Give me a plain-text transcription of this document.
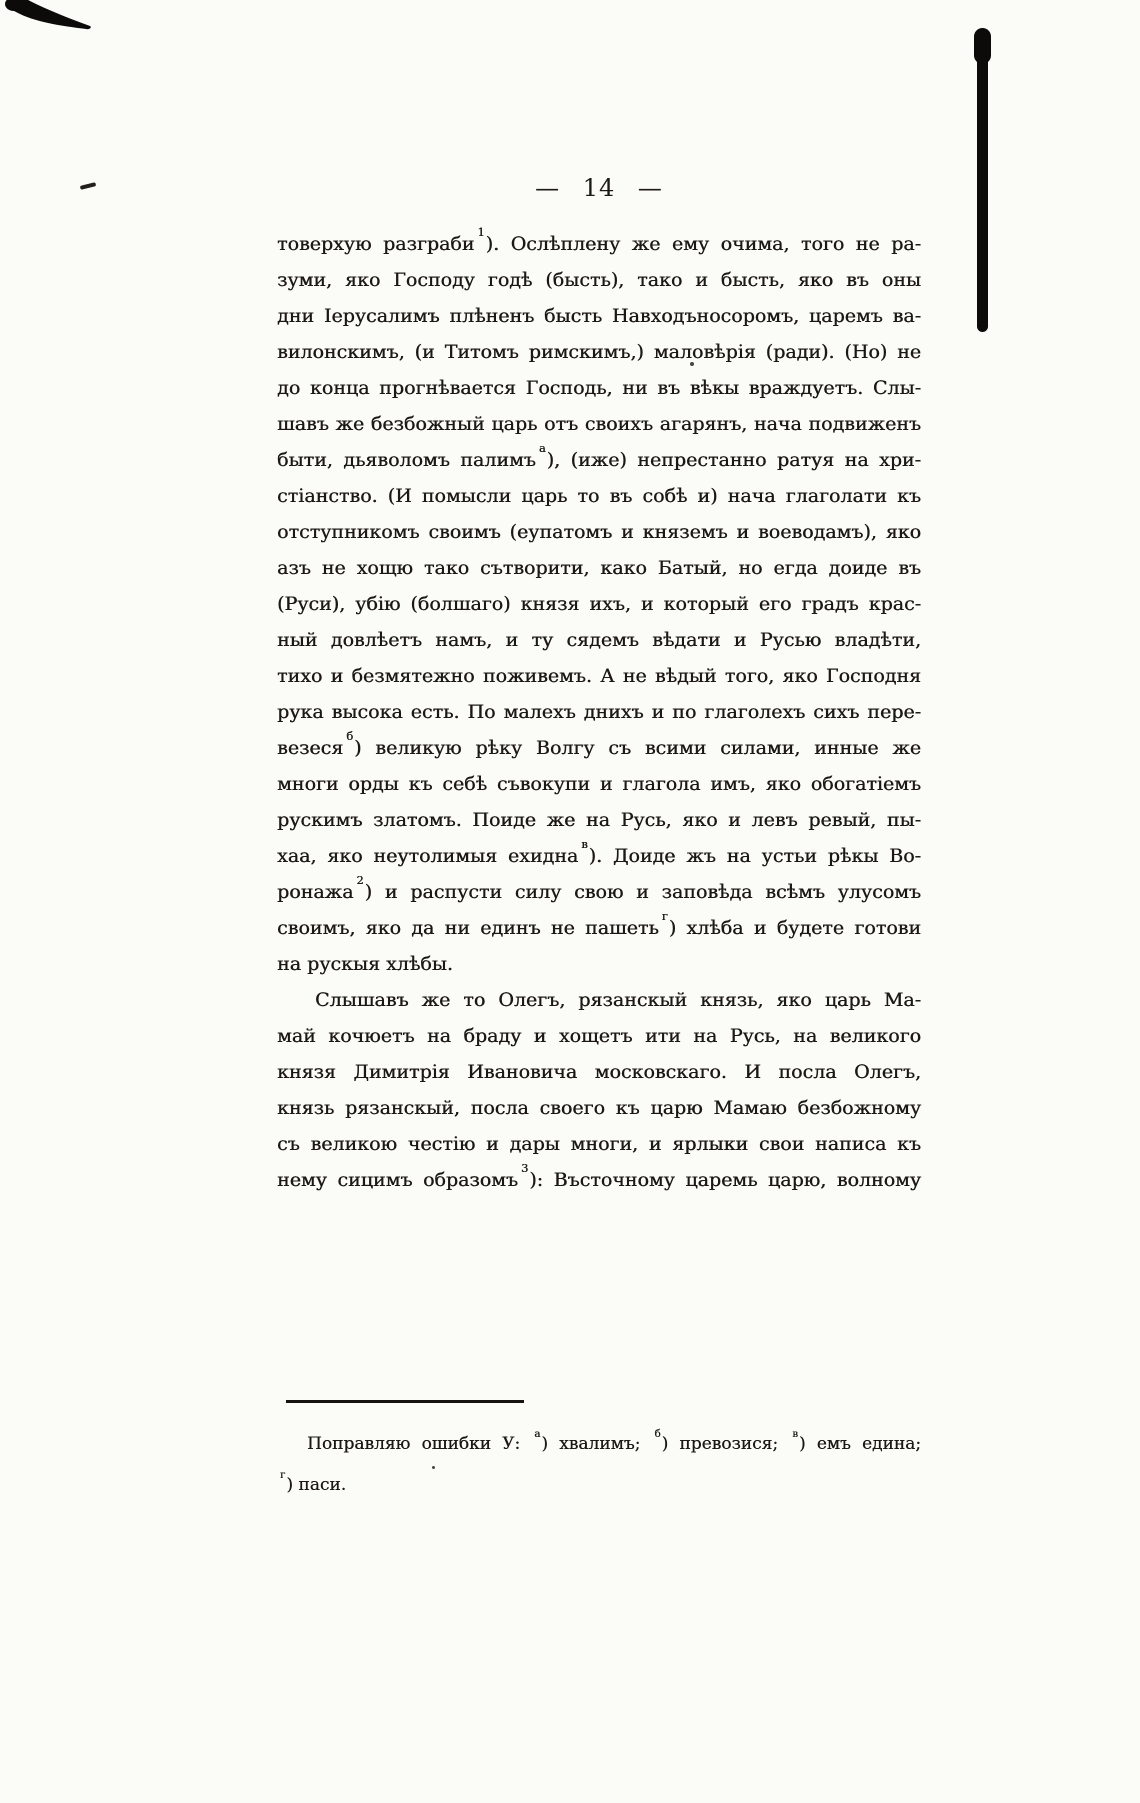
— 14 —
товерхую разграби$^1$). Ослѣплену же ему очима, того не ра-
зуми, яко Господу годѣ (бысть), тако и бысть, яко въ оны
дни Іерусалимъ плѣненъ бысть Навходъносоромъ, царемъ ва-
вилонскимъ, (и Титомъ римскимъ,) маловѣрія (ради). (Но) не
до конца прогнѣвается Господь, ни въ вѣкы враждуетъ. Слы-
шавъ же безбожный царь отъ своихъ агарянъ, нача подвиженъ
быти, дьяволомъ палимъ$^а$), (иже) непрестанно ратуя на хри-
стіанство. (И помысли царь то въ собѣ и) нача глаголати къ
отступникомъ своимъ (еупатомъ и княземъ и воеводамъ), яко
азъ не хощю тако сътворити, како Батый, но егда доиде въ
(Руси), убію (болшаго) князя ихъ, и который его градъ крас-
ный довлѣетъ намъ, и ту сядемъ вѣдати и Русью владѣти,
тихо и безмятежно поживемъ. А не вѣдый того, яко Господня
рука высока есть. По малехъ днихъ и по глаголехъ сихъ пере-
везеся$^б$) великую рѣку Волгу съ всими силами, инные же
многи орды къ себѣ съвокупи и глагола имъ, яко обогатіемъ
рускимъ златомъ. Поиде же на Русь, яко и левъ ревый, пы-
хаа, яко неутолимыя ехидна$^в$). Доиде жъ на устьи рѣкы Во-
ронажа$^2$) и распусти силу свою и заповѣда всѣмъ улусомъ
своимъ, яко да ни единъ не пашеть$^г$) хлѣба и будете готови
на рускыя хлѣбы.
Слышавъ же то Олегъ, рязанскый князь, яко царь Ма-
май кочюетъ на браду и хощетъ ити на Русь, на великого
князя Димитрія Ивановича московскаго. И посла Олегъ,
князь рязанскый, посла своего къ царю Мамаю безбожному
съ великою честію и дары многи, и ярлыки свои написа къ
нему сицимъ образомъ$^3$): Въсточному царемь царю, волному
Поправляю ошибки У: $^а$) хвалимъ; $^б$) превозися; $^в$) емъ едина;
$^г$) паси.
